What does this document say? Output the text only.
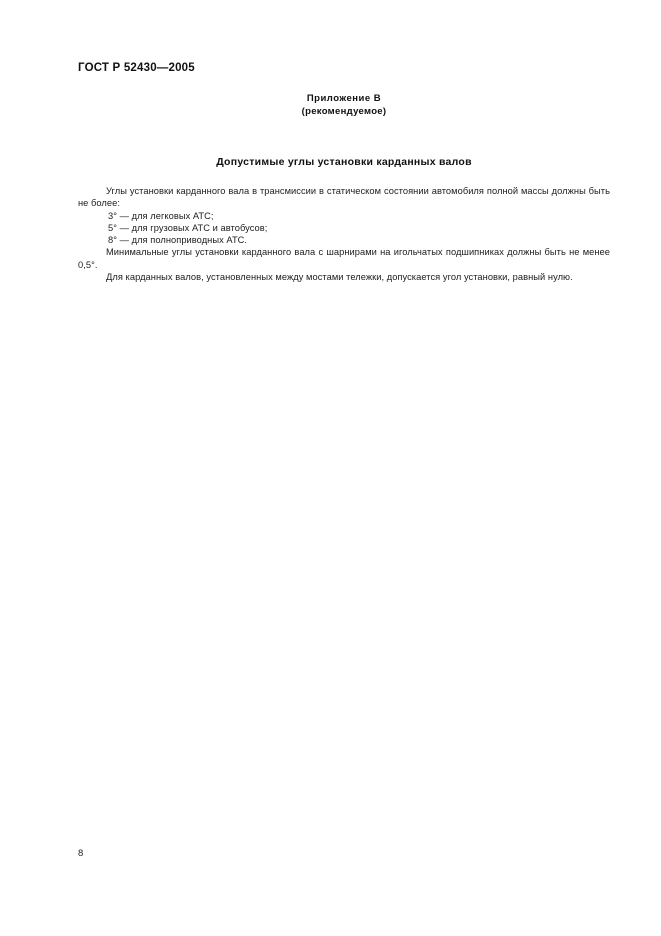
ГОСТ Р 52430—2005
Приложение В
(рекомендуемое)
Допустимые углы установки карданных валов

Углы установки карданного вала в трансмиссии в статическом состоянии автомобиля полной массы должны быть не более:

3° — для легковых АТС;
5° — для грузовых АТС и автобусов;
8° — для полноприводных АТС.

Минимальные углы установки карданного вала с шарнирами на игольчатых подшипниках должны быть не менее 0,5°.

Для карданных валов, установленных между мостами тележки, допускается угол установки, равный нулю.

8
